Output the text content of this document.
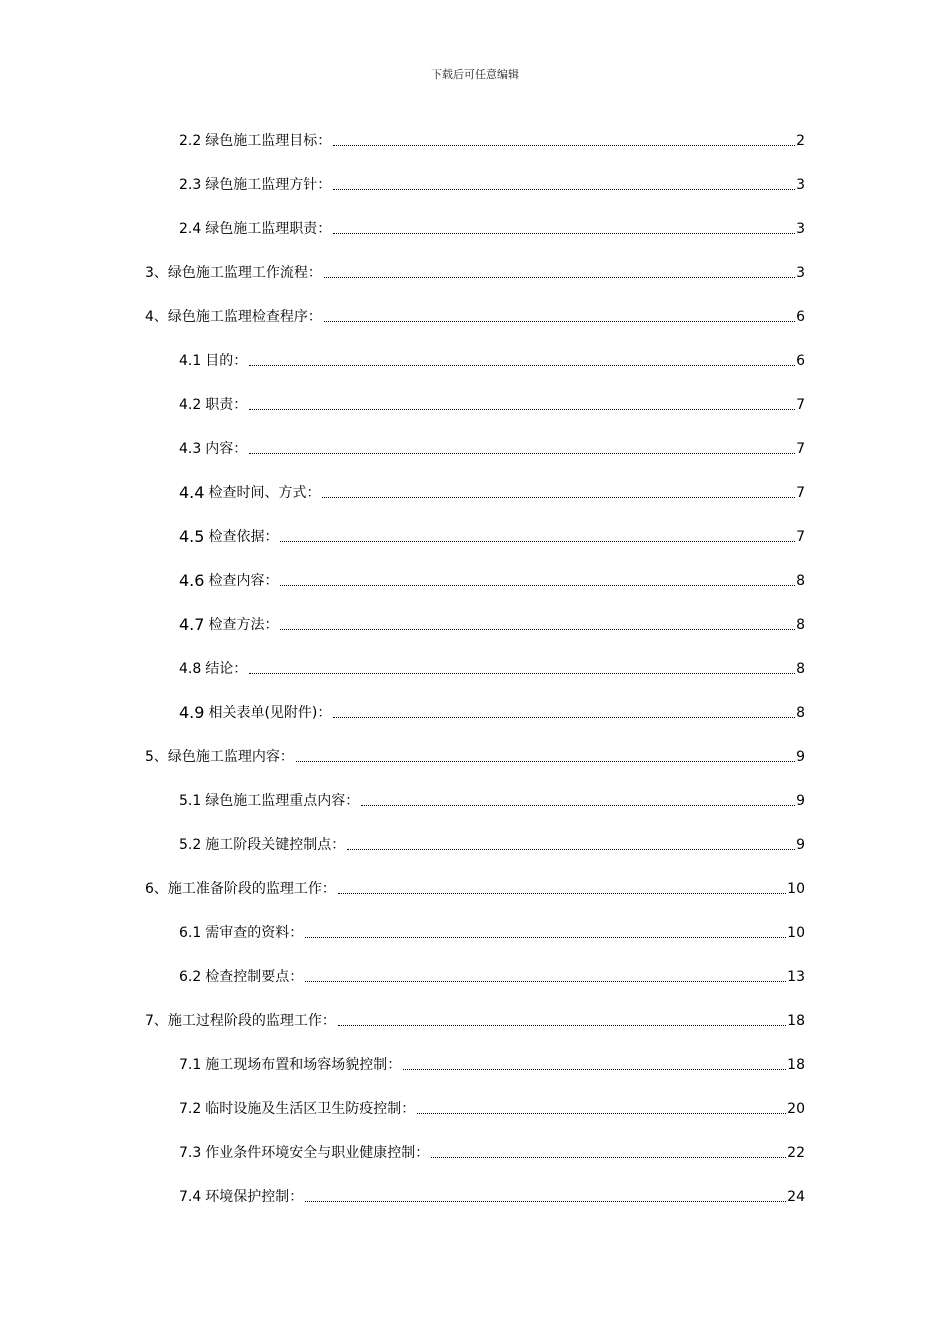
下载后可任意编辑
2.2 绿色施工监理目标：	2
2.3 绿色施工监理方针：	3
2.4 绿色施工监理职责：	3
3、 绿色施工监理工作流程：	3
4、 绿色施工监理检查程序：	6
4.1 目的：	6
4.2 职责：	7
4.3 内容：	7
4.4 检查时间、方式：	7
4.5 检查依据：	7
4.6 检查内容：	8
4.7 检查方法：	8
4.8 结论：	8
4.9 相关表单(见附件)：	8
5、 绿色施工监理内容：	9
5.1 绿色施工监理重点内容：	9
5.2 施工阶段关键控制点：	9
6、 施工准备阶段的监理工作：	10
6.1 需审查的资料：	10
6.2 检查控制要点：	13
7、 施工过程阶段的监理工作：	18
7.1 施工现场布置和场容场貌控制：	18
7.2 临时设施及生活区卫生防疫控制：	20
7.3 作业条件环境安全与职业健康控制：	22
7.4 环境保护控制：	24
